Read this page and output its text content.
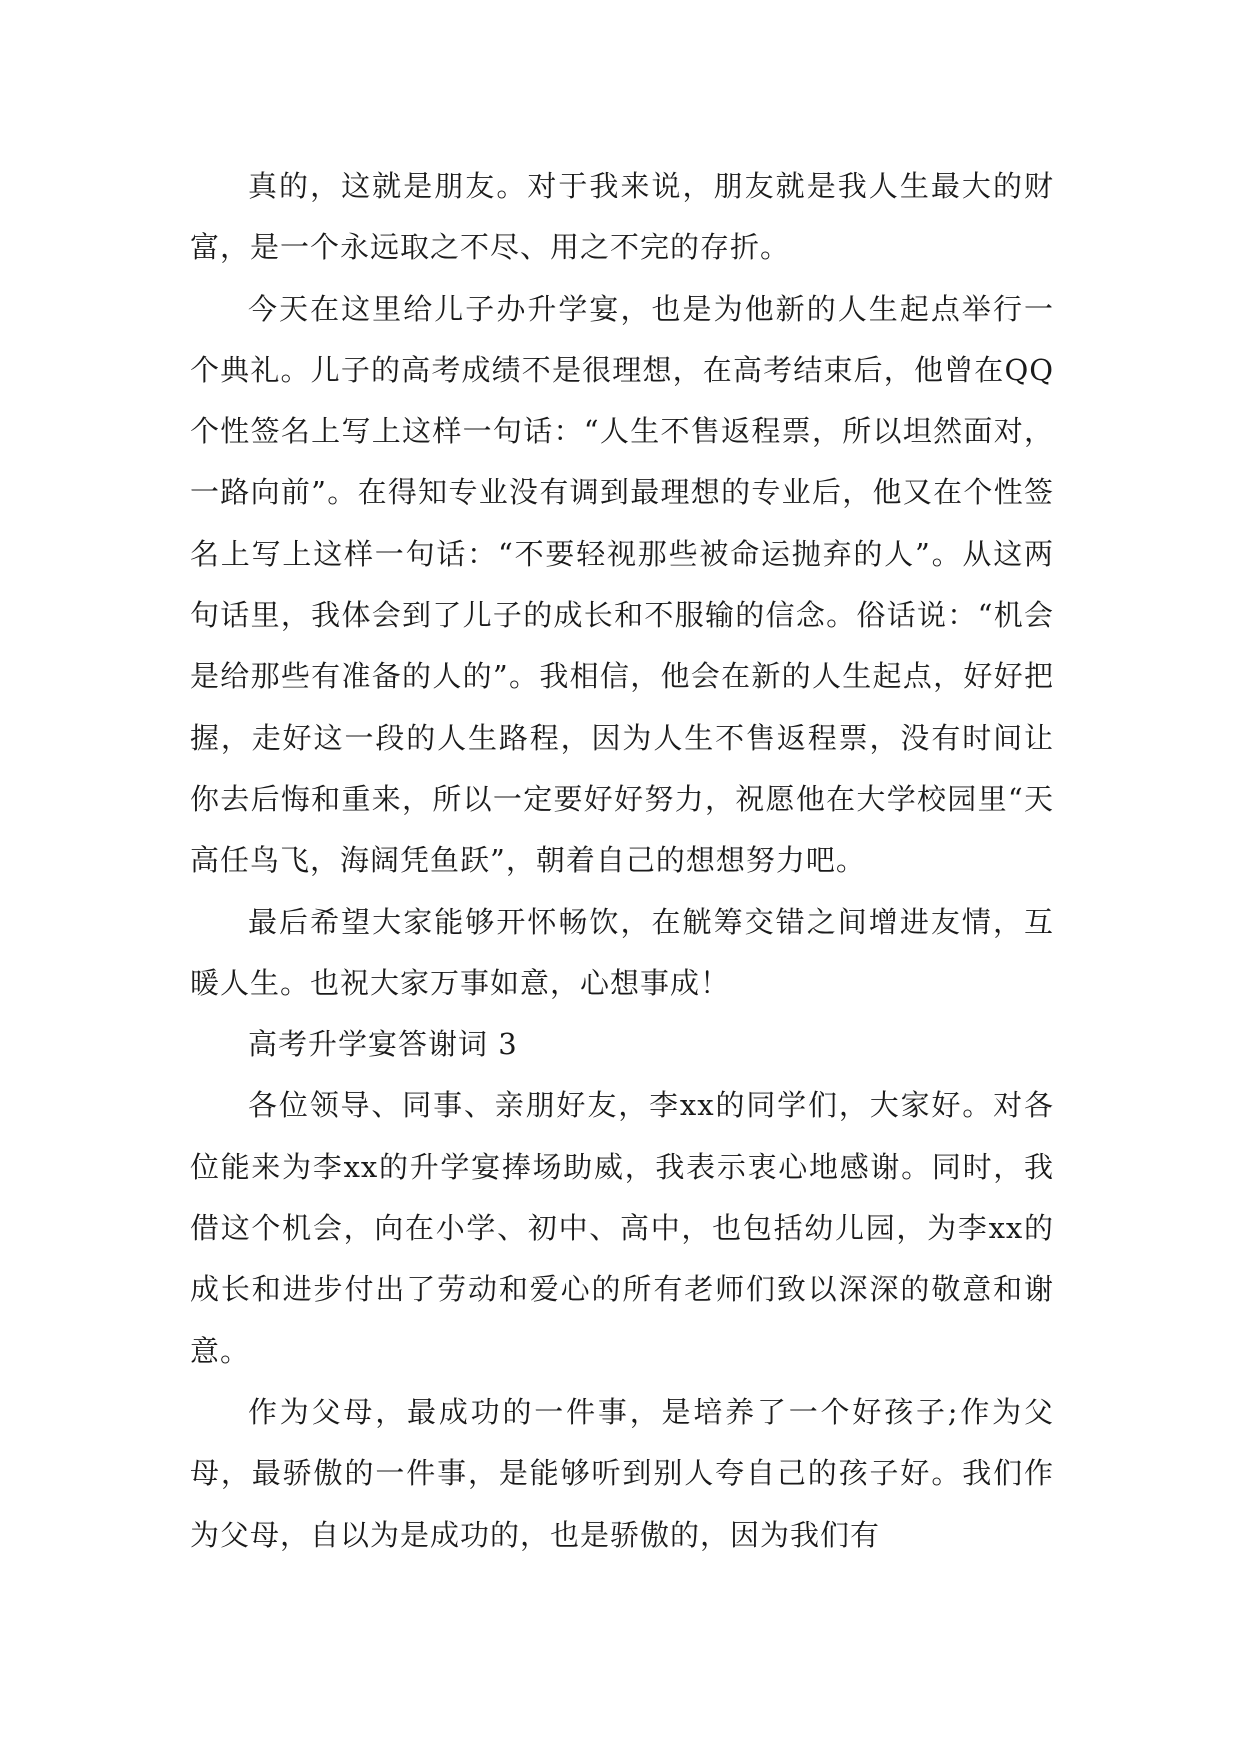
真的，这就是朋友。对于我来说，朋友就是我人生最大的财富，是一个永远取之不尽、用之不完的存折。

今天在这里给儿子办升学宴，也是为他新的人生起点举行一个典礼。儿子的高考成绩不是很理想，在高考结束后，他曾在QQ个性签名上写上这样一句话：“人生不售返程票，所以坦然面对，一路向前”。在得知专业没有调到最理想的专业后，他又在个性签名上写上这样一句话：“不要轻视那些被命运抛弃的人”。从这两句话里，我体会到了儿子的成长和不服输的信念。俗话说：“机会是给那些有准备的人的”。我相信，他会在新的人生起点，好好把握，走好这一段的人生路程，因为人生不售返程票，没有时间让你去后悔和重来，所以一定要好好努力，祝愿他在大学校园里“天高任鸟飞，海阔凭鱼跃”，朝着自己的想想努力吧。

最后希望大家能够开怀畅饮，在觥筹交错之间增进友情，互暖人生。也祝大家万事如意，心想事成！

高考升学宴答谢词 3

各位领导、同事、亲朋好友，李xx的同学们，大家好。对各位能来为李xx的升学宴捧场助威，我表示衷心地感谢。同时，我借这个机会，向在小学、初中、高中，也包括幼儿园，为李xx的成长和进步付出了劳动和爱心的所有老师们致以深深的敬意和谢意。

作为父母，最成功的一件事，是培养了一个好孩子;作为父母，最骄傲的一件事，是能够听到别人夸自己的孩子好。我们作为父母，自以为是成功的，也是骄傲的，因为我们有
